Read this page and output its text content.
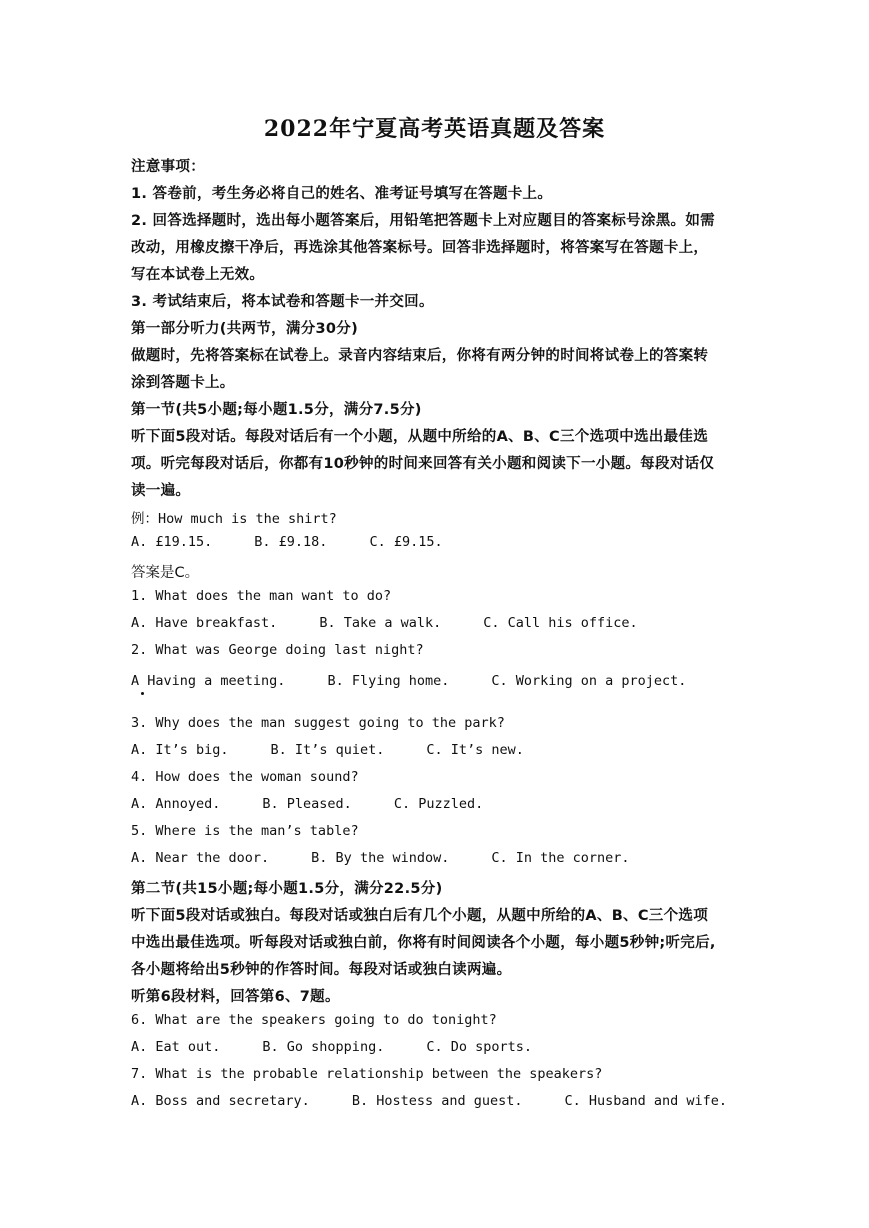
2022年宁夏高考英语真题及答案
注意事项：
1. 答卷前，考生务必将自己的姓名、准考证号填写在答题卡上。
2. 回答选择题时，选出每小题答案后，用铅笔把答题卡上对应题目的答案标号涂黑。如需
改动，用橡皮擦干净后，再选涂其他答案标号。回答非选择题时，将答案写在答题卡上，
写在本试卷上无效。
3. 考试结束后，将本试卷和答题卡一并交回。
第一部分听力(共两节，满分30分)
做题时，先将答案标在试卷上。录音内容结束后，你将有两分钟的时间将试卷上的答案转
涂到答题卡上。
第一节(共5小题;每小题1.5分，满分7.5分)
听下面5段对话。每段对话后有一个小题，从题中所给的A、B、C三个选项中选出最佳选
项。听完每段对话后，你都有10秒钟的时间来回答有关小题和阅读下一小题。每段对话仅
读一遍。
例：How much is the shirt?
A. £19.15.	B. £9.18.	C. £9.15.
答案是C。
1. What does the man want to do?
A. Have breakfast.	B. Take a walk.	C. Call his office.
2. What was George doing last night?
A Having a meeting.	B. Flying home.	C. Working on a project.
3. Why does the man suggest going to the park?
A. It’s big.	B. It’s quiet.	C. It’s new.
4. How does the woman sound?
A. Annoyed.	B. Pleased.	C. Puzzled.
5. Where is the man’s table?
A. Near the door.	B. By the window.	C. In the corner.
第二节(共15小题;每小题1.5分，满分22.5分)
听下面5段对话或独白。每段对话或独白后有几个小题，从题中所给的A、B、C三个选项
中选出最佳选项。听每段对话或独白前，你将有时间阅读各个小题，每小题5秒钟;听完后,
各小题将给出5秒钟的作答时间。每段对话或独白读两遍。
听第6段材料，回答第6、7题。
6. What are the speakers going to do tonight?
A. Eat out.	B. Go shopping.	C. Do sports.
7. What is the probable relationship between the speakers?
A. Boss and secretary.	B. Hostess and guest.	C. Husband and wife.
